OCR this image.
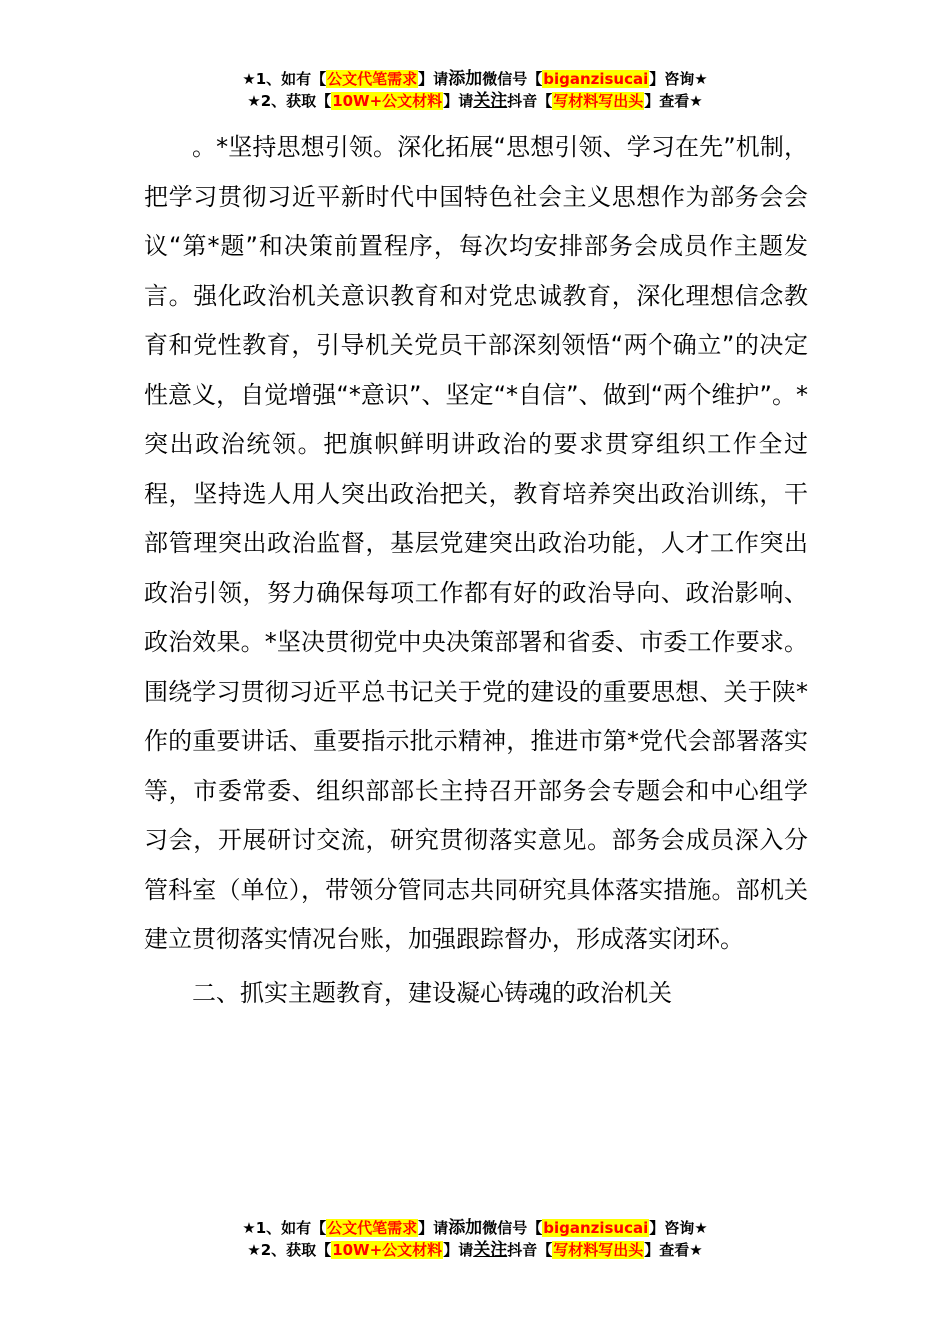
★1、如有【公文代笔需求】请添加微信号【biganzisucai】咨询★
★2、获取【10W+公文材料】请关注抖音【写材料写出头】查看★

。*坚持思想引领。深化拓展“思想引领、学习在先”机制，把学习贯彻习近平新时代中国特色社会主义思想作为部务会会议“第*题”和决策前置程序，每次均安排部务会成员作主题发言。强化政治机关意识教育和对党忠诚教育，深化理想信念教育和党性教育，引导机关党员干部深刻领悟“两个确立”的决定性意义，自觉增强“*意识”、坚定“*自信”、做到“两个维护”。*突出政治统领。把旗帜鲜明讲政治的要求贯穿组织工作全过程，坚持选人用人突出政治把关，教育培养突出政治训练，干部管理突出政治监督，基层党建突出政治功能，人才工作突出政治引领，努力确保每项工作都有好的政治导向、政治影响、政治效果。*坚决贯彻党中央决策部署和省委、市委工作要求。围绕学习贯彻习近平总书记关于党的建设的重要思想、关于陕*作的重要讲话、重要指示批示精神，推进市第*党代会部署落实等，市委常委、组织部部长主持召开部务会专题会和中心组学习会，开展研讨交流，研究贯彻落实意见。部务会成员深入分管科室（单位），带领分管同志共同研究具体落实措施。部机关建立贯彻落实情况台账，加强跟踪督办，形成落实闭环。

二、抓实主题教育，建设凝心铸魂的政治机关

★1、如有【公文代笔需求】请添加微信号【biganzisucai】咨询★
★2、获取【10W+公文材料】请关注抖音【写材料写出头】查看★
